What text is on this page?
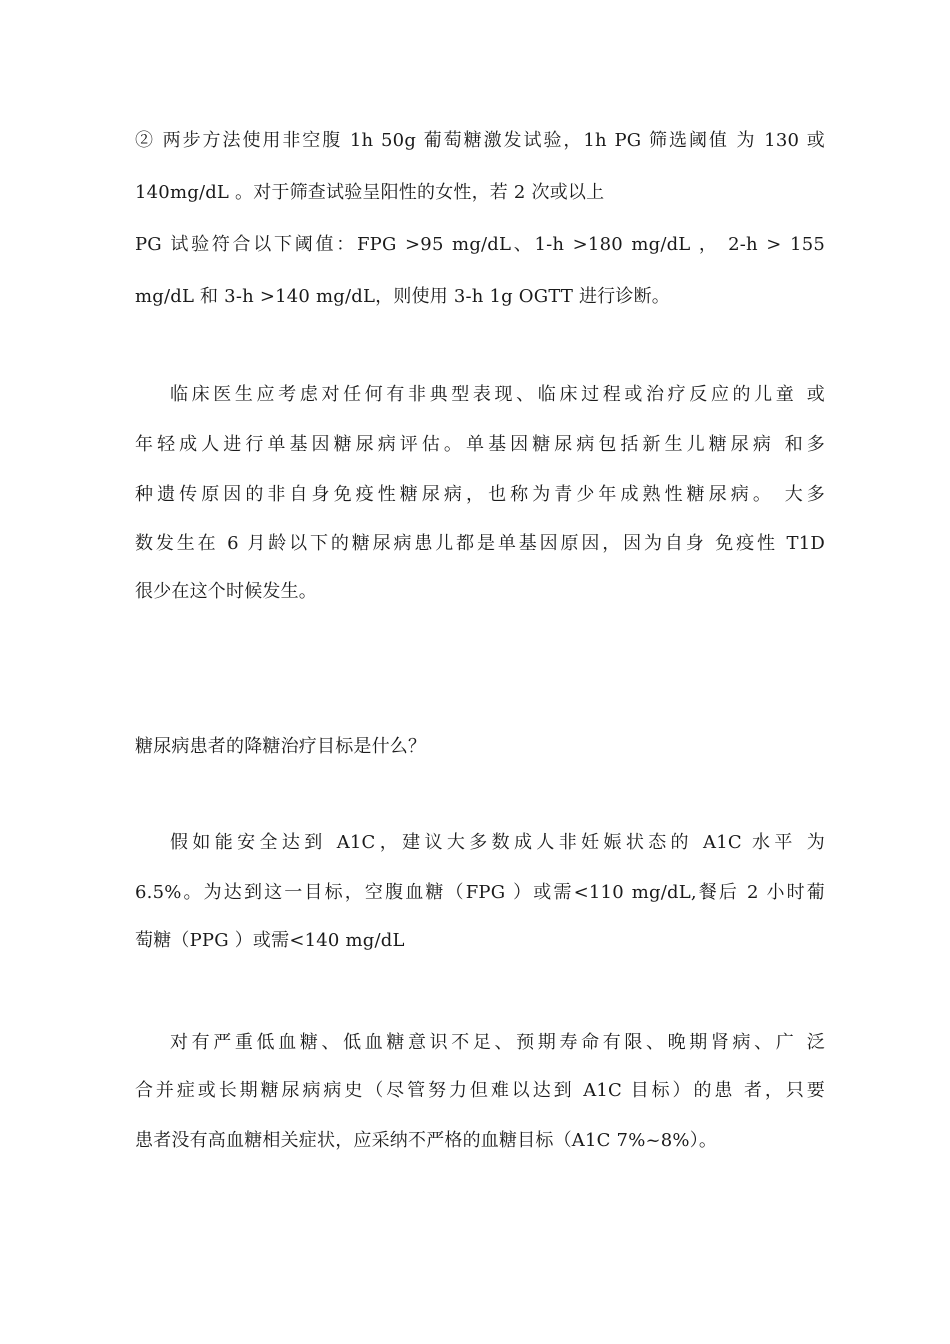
② 两步方法使用非空腹 1h 50g 葡萄糖激发试验，1h PG 筛选阈值 为 130 或
140mg/dL 。对于筛查试验呈阳性的女性，若 2 次或以上
PG 试验符合以下阈值：FPG >95 mg/dL、1-h >180 mg/dL ， 2-h > 155
mg/dL 和 3-h >140 mg/dL，则使用 3-h 1g OGTT 进行诊断。
临床医生应考虑对任何有非典型表现、临床过程或治疗反应的儿童 或
年轻成人进行单基因糖尿病评估。单基因糖尿病包括新生儿糖尿病 和多
种遗传原因的非自身免疫性糖尿病，也称为青少年成熟性糖尿病。 大多
数发生在 6 月龄以下的糖尿病患儿都是单基因原因，因为自身 免疫性 T1D
很少在这个时候发生。
糖尿病患者的降糖治疗目标是什么？
假如能安全达到 A1C，建议大多数成人非妊娠状态的 A1C 水平 为
6.5%。为达到这一目标，空腹血糖（FPG ）或需<110 mg/dL,餐后 2 小时葡
萄糖（PPG ）或需<140 mg/dL
对有严重低血糖、低血糖意识不足、预期寿命有限、晚期肾病、广 泛
合并症或长期糖尿病病史（尽管努力但难以达到 A1C 目标）的患 者，只要
患者没有高血糖相关症状，应采纳不严格的血糖目标（A1C 7%~8%）。
